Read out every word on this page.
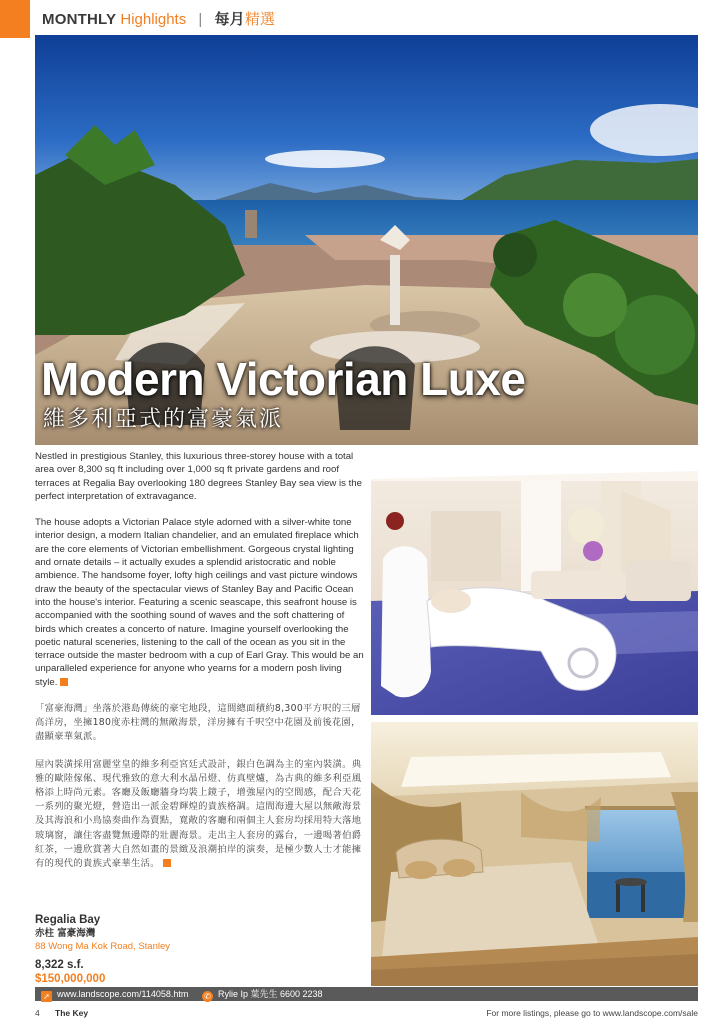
MONTHLY Highlights | 每月精選
Modern Victorian Luxe
維多利亞式的富豪氣派

Nestled in prestigious Stanley, this luxurious three-storey house with a total area over 8,300 sq ft including over 1,000 sq ft private gardens and roof terraces at Regalia Bay overlooking 180 degrees Stanley Bay sea view is the perfect interpretation of extravagance.

The house adopts a Victorian Palace style adorned with a silver-white tone interior design, a modern Italian chandelier, and an emulated fireplace which are the core elements of Victorian embellishment. Gorgeous crystal lighting and ornate details – it actually exudes a splendid aristocratic and noble ambience. The handsome foyer, lofty high ceilings and vast picture windows draw the beauty of the spectacular views of Stanley Bay and Pacific Ocean into the house's interior. Featuring a scenic seascape, this seafront house is accompanied with the soothing sound of waves and the soft chattering of birds which creates a concerto of nature. Imagine yourself overlooking the poetic natural sceneries, listening to the call of the ocean as you sit in the terrace outside the master bedroom with a cup of Earl Gray. This would be an unparalleled experience for anyone who yearns for a modern posh living style.

「富豪海灣」坐落於港島傳統的豪宅地段，這間總面積約8,300平方呎的三層高洋房，坐擁180度赤柱灣的無敵海景，洋房擁有千呎空中花園及前後花園，盡顯豪華氣派。

屋內裝潢採用富麗堂皇的維多利亞宮廷式設計，銀白色調為主的室內裝潢。典雅的歐陸傢俬、現代雅致的意大利水晶吊燈、仿真壁爐，為古典的維多利亞風格添上時尚元素。客廳及飯廳牆身均裝上鏡子，增強屋內的空間感，配合天花一系列的聚光燈，營造出一派金碧輝煌的貴族格調。這間海邊大屋以無敵海景及其海浪和小鳥協奏曲作為賣點，寬敞的客廳和兩個主人套房均採用特大落地玻璃窗，讓住客盡覽無邊際的壯麗海景。走出主人套房的露台，一邊喝著伯爵紅茶，一邊欣賞著大自然如畫的景緻及浪潮拍岸的演奏，是極少數人士才能擁有的現代的貴族式豪華生活。

Regalia Bay
赤柱 富豪海灣
88 Wong Ma Kok Road, Stanley
8,322 s.f.
$150,000,000
➚ www.landscope.com/114058.htm ✆ Rylie Ip 葉先生 6600 2238
4 The Key	For more listings, please go to www.landscope.com/sale
